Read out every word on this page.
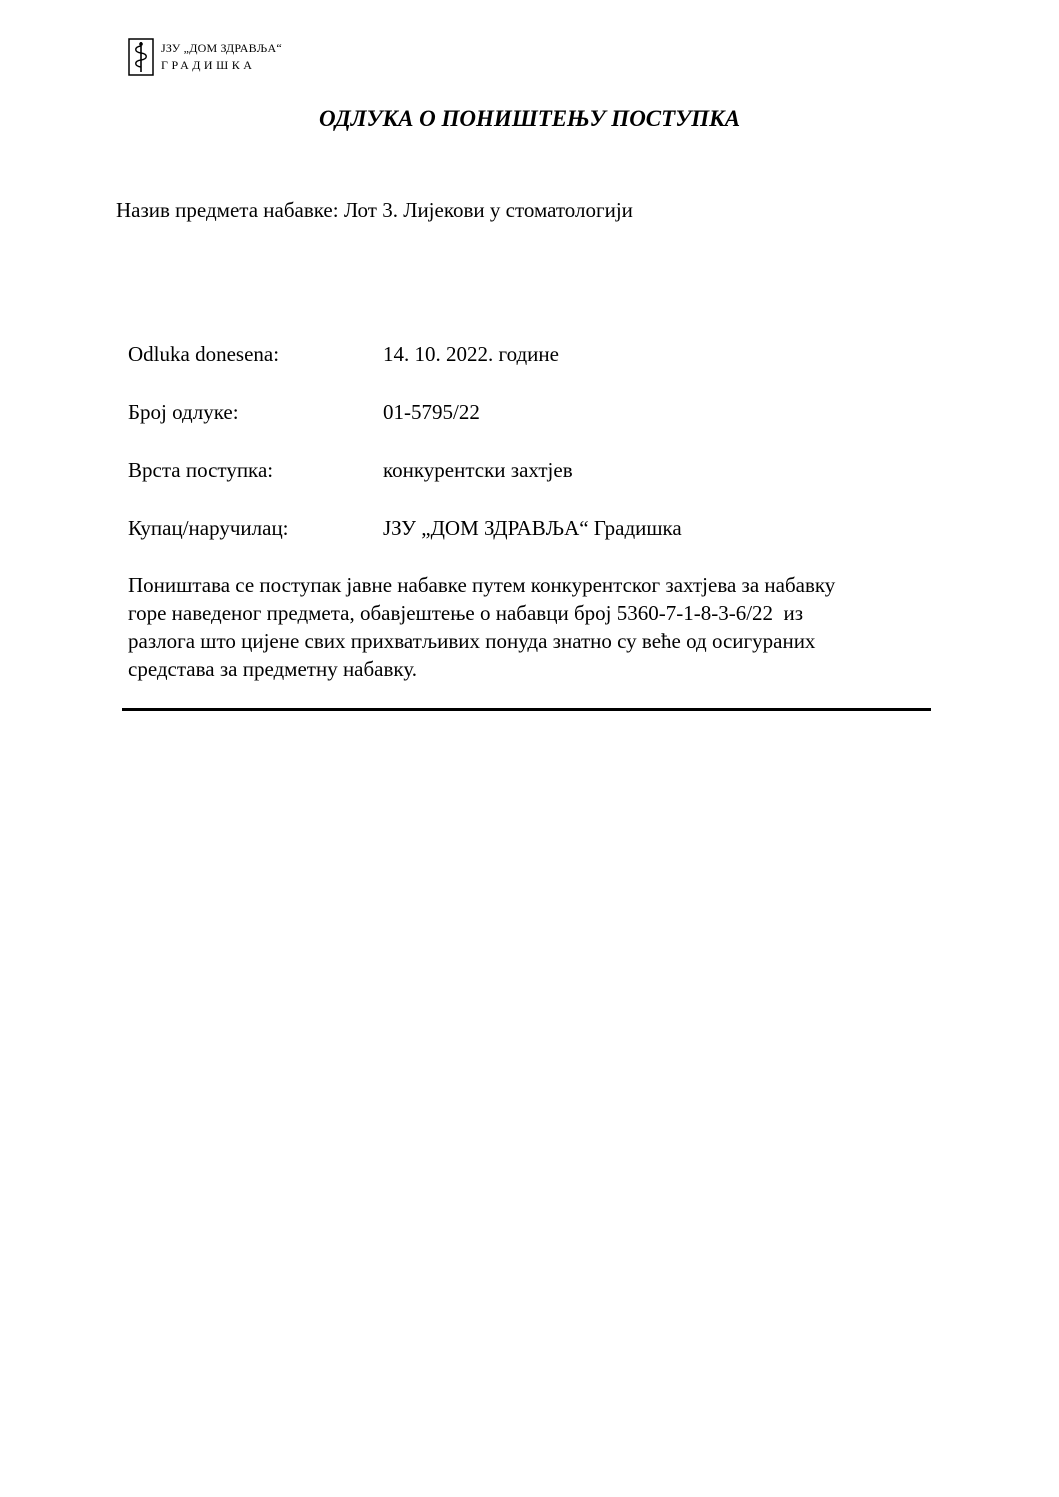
ЈЗУ „ДОМ ЗДРАВЉА“
ГРАДИШКА
ОДЛУКА О ПОНИШТЕЊУ ПОСТУПКА
Назив предмета набавке: Лот 3. Лијекови у стоматологији
Odluka donesena:	14. 10. 2022. године
Број одлуке:	01-5795/22
Врста поступка:	конкурентски захтјев
Купац/наручилац:	ЈЗУ „ДОМ ЗДРАВЉА“ Градишка
Поништава се поступак јавне набавке путем конкурентског захтјева за набавку
горе наведеног предмета, обавјештење о набавци број 5360-7-1-8-3-6/22  из
разлога што цијене свих прихватљивих понуда знатно су веће од осигураних
средстава за предметну набавку.
